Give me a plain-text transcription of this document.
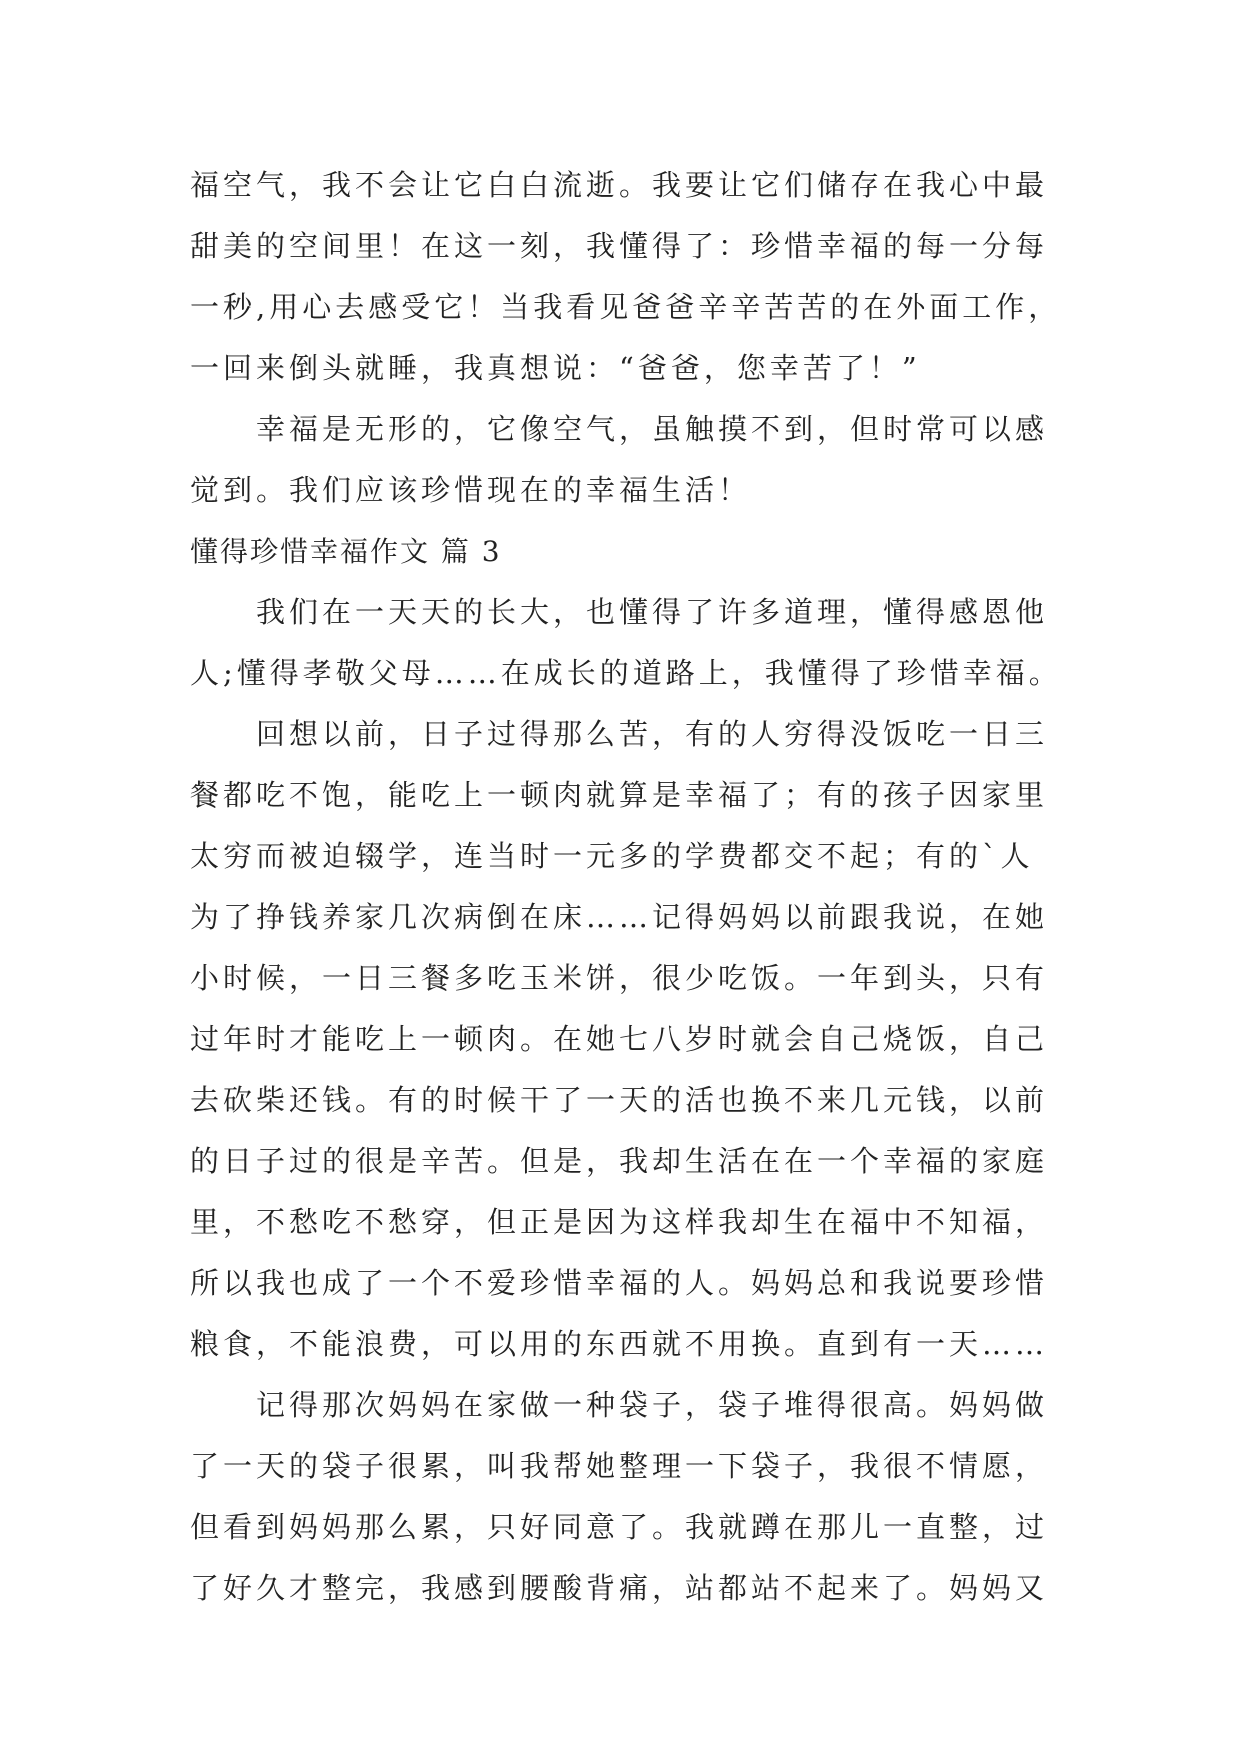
福空气，我不会让它白白流逝。我要让它们储存在我心中最
甜美的空间里！在这一刻，我懂得了：珍惜幸福的每一分每
一秒,用心去感受它！当我看见爸爸辛辛苦苦的在外面工作，
一回来倒头就睡，我真想说：“爸爸，您幸苦了！”
幸福是无形的，它像空气，虽触摸不到，但时常可以感
觉到。我们应该珍惜现在的幸福生活！
懂得珍惜幸福作文 篇 3
我们在一天天的长大，也懂得了许多道理，懂得感恩他
人;懂得孝敬父母……在成长的道路上，我懂得了珍惜幸福。
回想以前，日子过得那么苦，有的人穷得没饭吃一日三
餐都吃不饱，能吃上一顿肉就算是幸福了；有的孩子因家里
太穷而被迫辍学，连当时一元多的学费都交不起；有的`人
为了挣钱养家几次病倒在床……记得妈妈以前跟我说，在她
小时候，一日三餐多吃玉米饼，很少吃饭。一年到头，只有
过年时才能吃上一顿肉。在她七八岁时就会自己烧饭，自己
去砍柴还钱。有的时候干了一天的活也换不来几元钱，以前
的日子过的很是辛苦。但是，我却生活在在一个幸福的家庭
里，不愁吃不愁穿，但正是因为这样我却生在福中不知福，
所以我也成了一个不爱珍惜幸福的人。妈妈总和我说要珍惜
粮食，不能浪费，可以用的东西就不用换。直到有一天……
记得那次妈妈在家做一种袋子，袋子堆得很高。妈妈做
了一天的袋子很累，叫我帮她整理一下袋子，我很不情愿，
但看到妈妈那么累，只好同意了。我就蹲在那儿一直整，过
了好久才整完，我感到腰酸背痛，站都站不起来了。妈妈又
